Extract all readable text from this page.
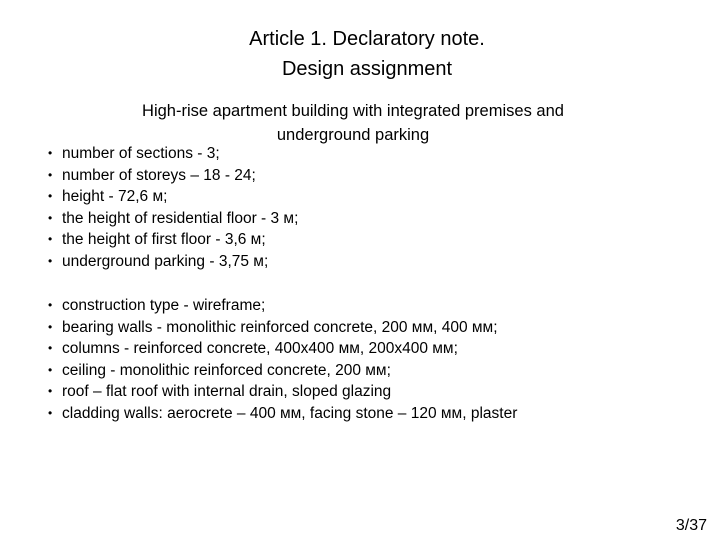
Article 1. Declaratory note.
Design assignment
High-rise apartment building with integrated premises and
underground parking
• number of sections - 3;
• number of storeys – 18 - 24;
• height - 72,6 м;
• the height of residential floor - 3 м;
• the height of first floor - 3,6 м;
• underground parking - 3,75 м;
• construction type - wireframe;
• bearing walls - monolithic reinforced concrete, 200 мм, 400 мм;
• columns - reinforced concrete, 400х400 мм, 200х400 мм;
• ceiling - monolithic reinforced concrete, 200 мм;
• roof – flat roof with internal drain, sloped glazing
• cladding walls: aerocrete – 400 мм, facing stone – 120 мм, plaster
3/37
